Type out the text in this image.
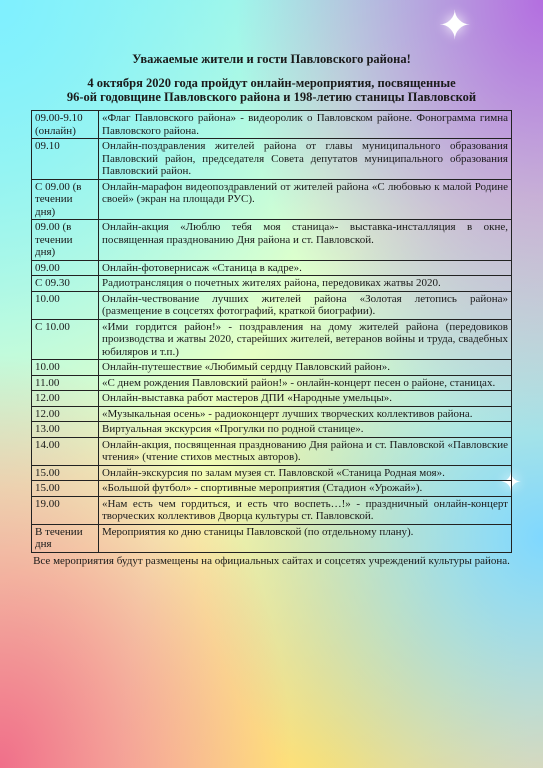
✦
✦
Уважаемые жители и гости Павловского района!
4 октября 2020 года пройдут онлайн-мероприятия, посвященные
96-ой годовщине Павловского района и 198-летию станицы Павловской
09.00-9.10 (онлайн)	«Флаг Павловского района» - видеоролик о Павловском районе. Фонограмма гимна Павловского района.
09.10	Онлайн-поздравления жителей района от главы муниципального образования Павловский район, председателя Совета депутатов муниципального образования Павловский район.
С 09.00 (в течении дня)	Онлайн-марафон видеопоздравлений от жителей района «С любовью к малой Родине своей» (экран на площади РУС).
09.00 (в течении дня)	Онлайн-акция «Люблю тебя моя станица»- выставка-инсталляция в окне, посвященная празднованию Дня района и ст. Павловской.
09.00	Онлайн-фотовернисаж «Станица в кадре».
С 09.30	Радиотрансляция о почетных жителях района, передовиках жатвы 2020.
10.00	Онлайн-чествование лучших жителей района «Золотая летопись района» (размещение в соцсетях фотографий, краткой биографии).
С 10.00	«Ими гордится район!» - поздравления на дому жителей района (передовиков производства и жатвы 2020, старейших жителей, ветеранов войны и труда, свадебных юбиляров и т.п.)
10.00	Онлайн-путешествие «Любимый сердцу Павловский район».
11.00	«С днем рождения Павловский район!» - онлайн-концерт песен о районе, станицах.
12.00	Онлайн-выставка работ мастеров ДПИ «Народные умельцы».
12.00	«Музыкальная осень» - радиоконцерт лучших творческих коллективов района.
13.00	Виртуальная экскурсия «Прогулки по родной станице».
14.00	Онлайн-акция, посвященная празднованию Дня района и ст. Павловской «Павловские чтения» (чтение стихов местных авторов).
15.00	Онлайн-экскурсия по залам музея ст. Павловской «Станица Родная моя».
15.00	«Большой футбол» - спортивные мероприятия (Стадион «Урожай»).
19.00	«Нам есть чем гордиться, и есть что воспеть…!» - праздничный онлайн-концерт творческих коллективов Дворца культуры ст. Павловской.
В течении дня	Мероприятия ко дню станицы Павловской (по отдельному плану).
Все мероприятия будут размещены на официальных сайтах и соцсетях учреждений культуры района.
